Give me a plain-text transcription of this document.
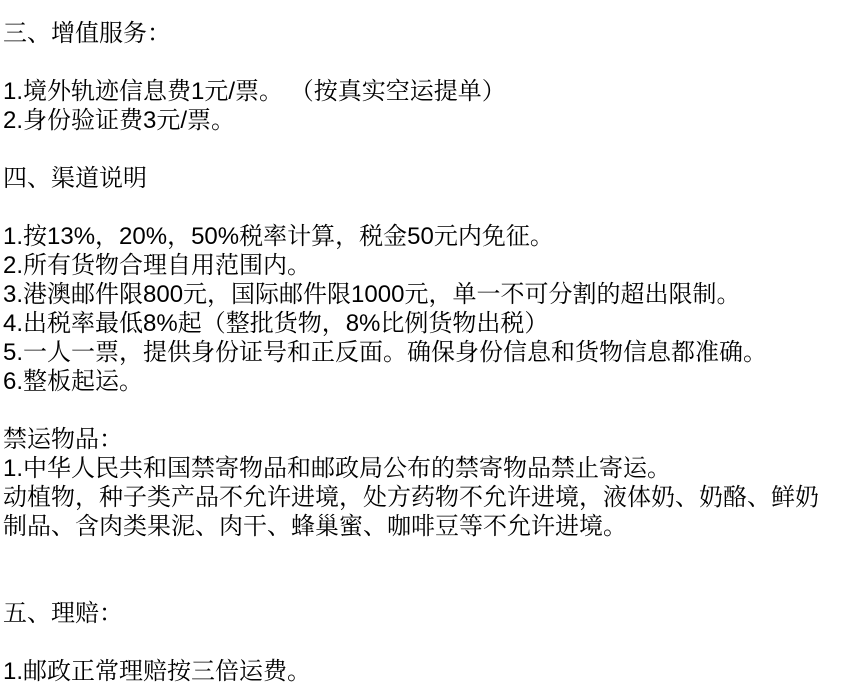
三、增值服务：
1.境外轨迹信息费1元/票。 （按真实空运提单）
2.身份验证费3元/票。
四、渠道说明
1.按13%，20%，50%税率计算，税金50元内免征。
2.所有货物合理自用范围内。
3.港澳邮件限800元，国际邮件限1000元，单一不可分割的超出限制。
4.出税率最低8%起（整批货物，8%比例货物出税）
5.一人一票，提供身份证号和正反面。确保身份信息和货物信息都准确。
6.整板起运。
禁运物品：
1.中华人民共和国禁寄物品和邮政局公布的禁寄物品禁止寄运。
动植物，种子类产品不允许进境，处方药物不允许进境，液体奶、奶酪、鲜奶
制品、含肉类果泥、肉干、蜂巢蜜、咖啡豆等不允许进境。
五、理赔：
1.邮政正常理赔按三倍运费。
